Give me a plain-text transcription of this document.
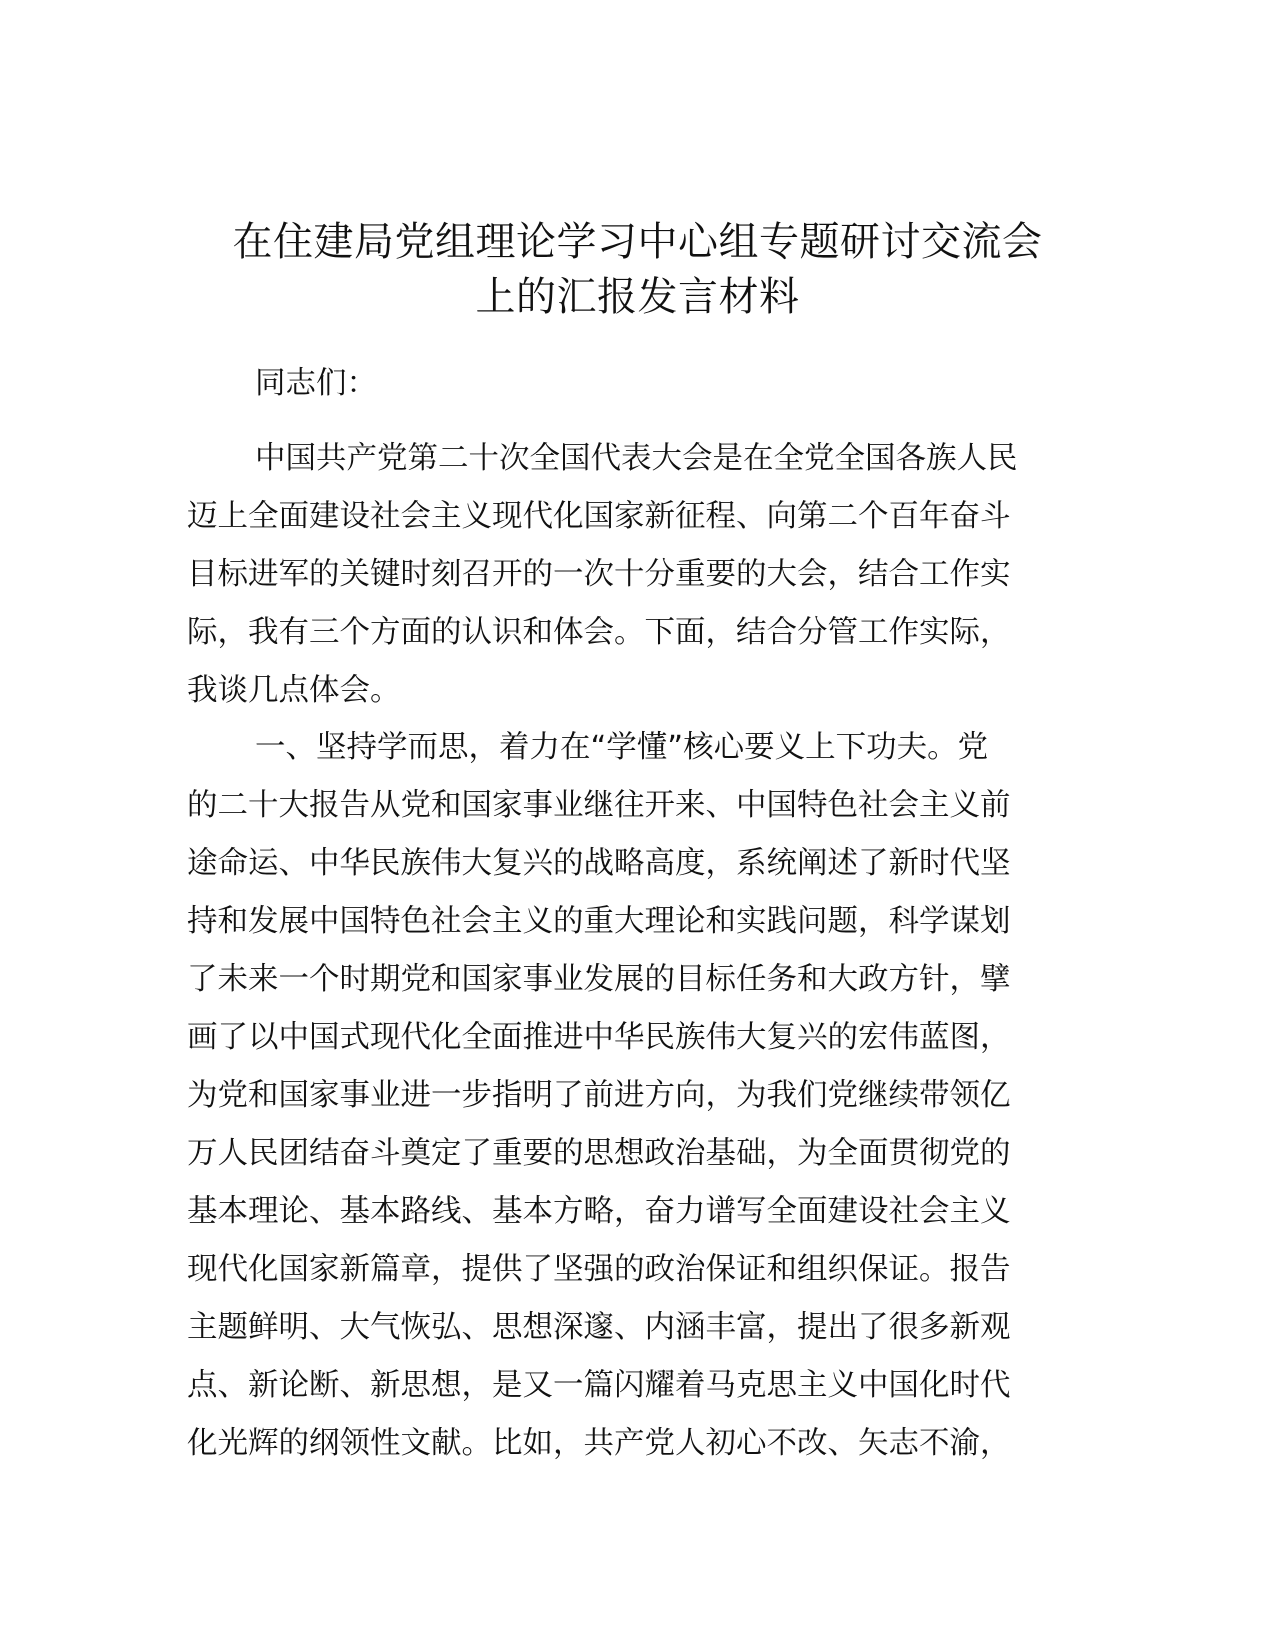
在住建局党组理论学习中心组专题研讨交流会
上的汇报发言材料

同志们：

中国共产党第二十次全国代表大会是在全党全国各族人民
迈上全面建设社会主义现代化国家新征程、向第二个百年奋斗
目标进军的关键时刻召开的一次十分重要的大会，结合工作实
际，我有三个方面的认识和体会。下面，结合分管工作实际，
我谈几点体会。

一、坚持学而思，着力在“学懂”核心要义上下功夫。党
的二十大报告从党和国家事业继往开来、中国特色社会主义前
途命运、中华民族伟大复兴的战略高度，系统阐述了新时代坚
持和发展中国特色社会主义的重大理论和实践问题，科学谋划
了未来一个时期党和国家事业发展的目标任务和大政方针，擘
画了以中国式现代化全面推进中华民族伟大复兴的宏伟蓝图，
为党和国家事业进一步指明了前进方向，为我们党继续带领亿
万人民团结奋斗奠定了重要的思想政治基础，为全面贯彻党的
基本理论、基本路线、基本方略，奋力谱写全面建设社会主义
现代化国家新篇章，提供了坚强的政治保证和组织保证。报告
主题鲜明、大气恢弘、思想深邃、内涵丰富，提出了很多新观
点、新论断、新思想，是又一篇闪耀着马克思主义中国化时代
化光辉的纲领性文献。比如，共产党人初心不改、矢志不渝，
